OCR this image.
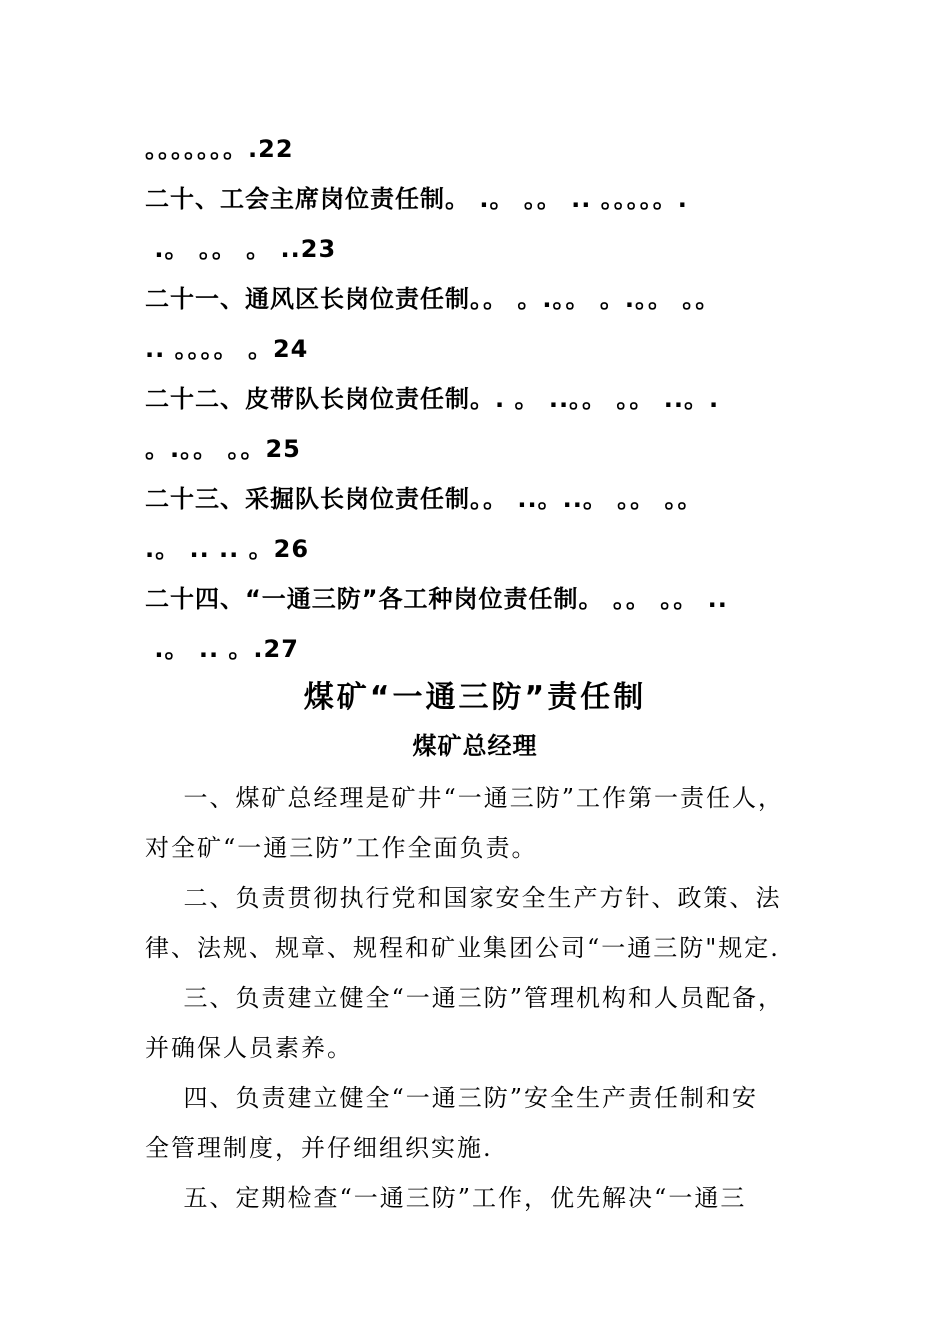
。。。。。。。.22
二十、工会主席岗位责任制。 .。 。。 .. 。。。。。.
.。 。。 。 ..23
二十一、通风区长岗位责任制。。 。.。。 。.。。 。。
.. 。。。。 。24
二十二、皮带队长岗位责任制。. 。 ..。。 。。 ..。.
。.。。 。。25
二十三、采掘队长岗位责任制。。 ..。..。 。。 。。
.。 .. .. 。26
二十四、“一通三防”各工种岗位责任制。 。。 。。 ..
.。 .. 。.27
煤矿“一通三防”责任制
煤矿总经理
一、煤矿总经理是矿井“一通三防”工作第一责任人，
对全矿“一通三防”工作全面负责。
二、负责贯彻执行党和国家安全生产方针、政策、法
律、法规、规章、规程和矿业集团公司“一通三防"规定.
三、负责建立健全“一通三防”管理机构和人员配备，
并确保人员素养。
四、负责建立健全“一通三防”安全生产责任制和安
全管理制度，并仔细组织实施.
五、定期检查“一通三防”工作，优先解决“一通三
